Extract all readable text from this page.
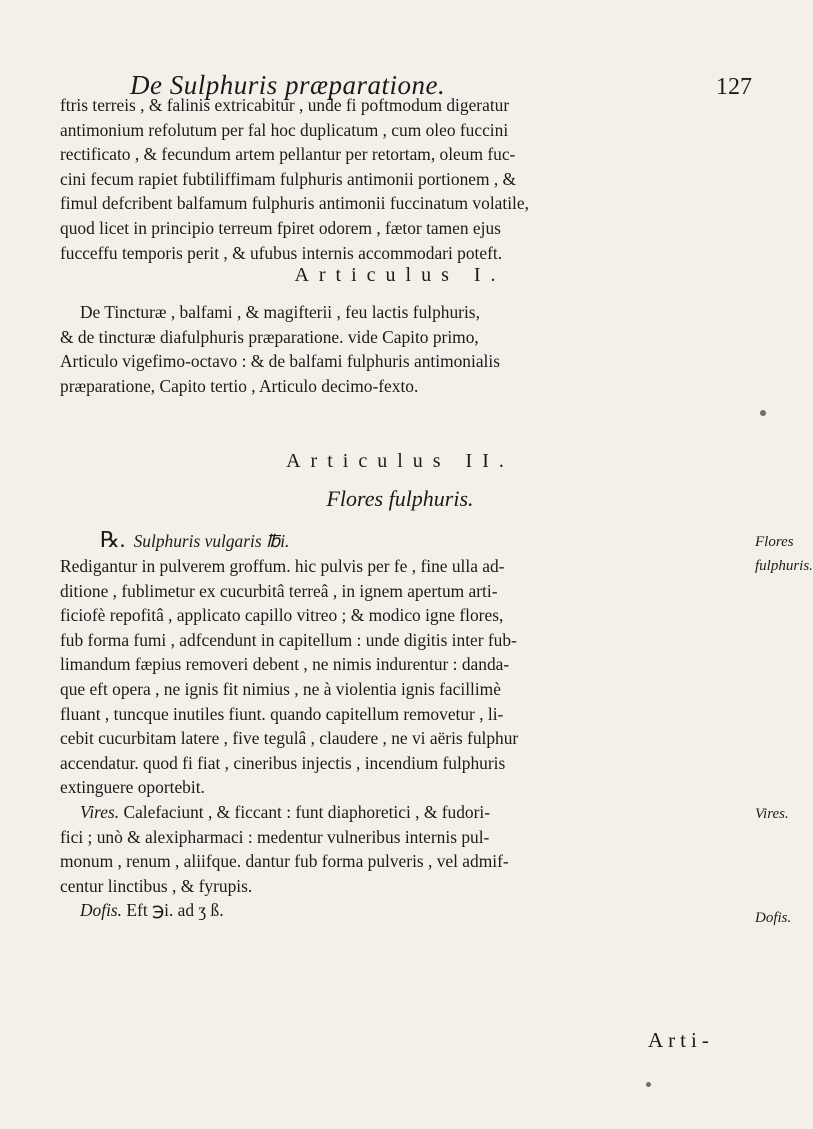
De Sulphuris præparatione.	127

ftris terreis , & falinis extricabitur , unde fi poftmodum digeratur
antimonium refolutum per fal hoc duplicatum , cum oleo fuccini
rectificato , & fecundum artem pellantur per retortam, oleum fuc-
cini fecum rapiet fubtiliffimam fulphuris antimonii portionem , &
fimul defcribent balfamum fulphuris antimonii fuccinatum volatile,
quod licet in principio terreum fpiret odorem , fætor tamen ejus
fucceffu temporis perit , & ufubus internis accommodari poteft.

Articulus I.

De Tincturæ , balfami , & magifterii , feu lactis fulphuris,
& de tincturæ diafulphuris præparatione. vide Capito primo,
Articulo vigefimo-octavo : & de balfami fulphuris antimonialis
præparatione, Capito tertio , Articulo decimo-fexto.

Articulus II.
Flores fulphuris.
℞. Sulphuris vulgaris ℔i.	Flores
fulphuris.

Redigantur in pulverem groffum. hic pulvis per fe , fine ulla ad-
ditione , fublimetur ex cucurbitâ terreâ , in ignem apertum arti-
ficiofè repofitâ , applicato capillo vitreo ; & modico igne flores,
fub forma fumi , adfcendunt in capitellum : unde digitis inter fub-
limandum fæpius removeri debent , ne nimis indurentur : danda-
que eft opera , ne ignis fit nimius , ne à violentia ignis facillimè
fluant , tuncque inutiles fiunt. quando capitellum removetur , li-
cebit cucurbitam latere , five tegulâ , claudere , ne vi aëris fulphur
accendatur. quod fi fiat , cineribus injectis , incendium fulphuris
extinguere oportebit.

Vires. Calefaciunt , & ficcant : funt diaphoretici , & fudori-
fici ; unò & alexipharmaci : medentur vulneribus internis pul-
monum , renum , aliifque. dantur fub forma pulveris , vel admif-
centur linctibus , & fyrupis.

Vires.

Dofis. Eft ℈i. ad ʒ ß.	Dofis.
Arti-
